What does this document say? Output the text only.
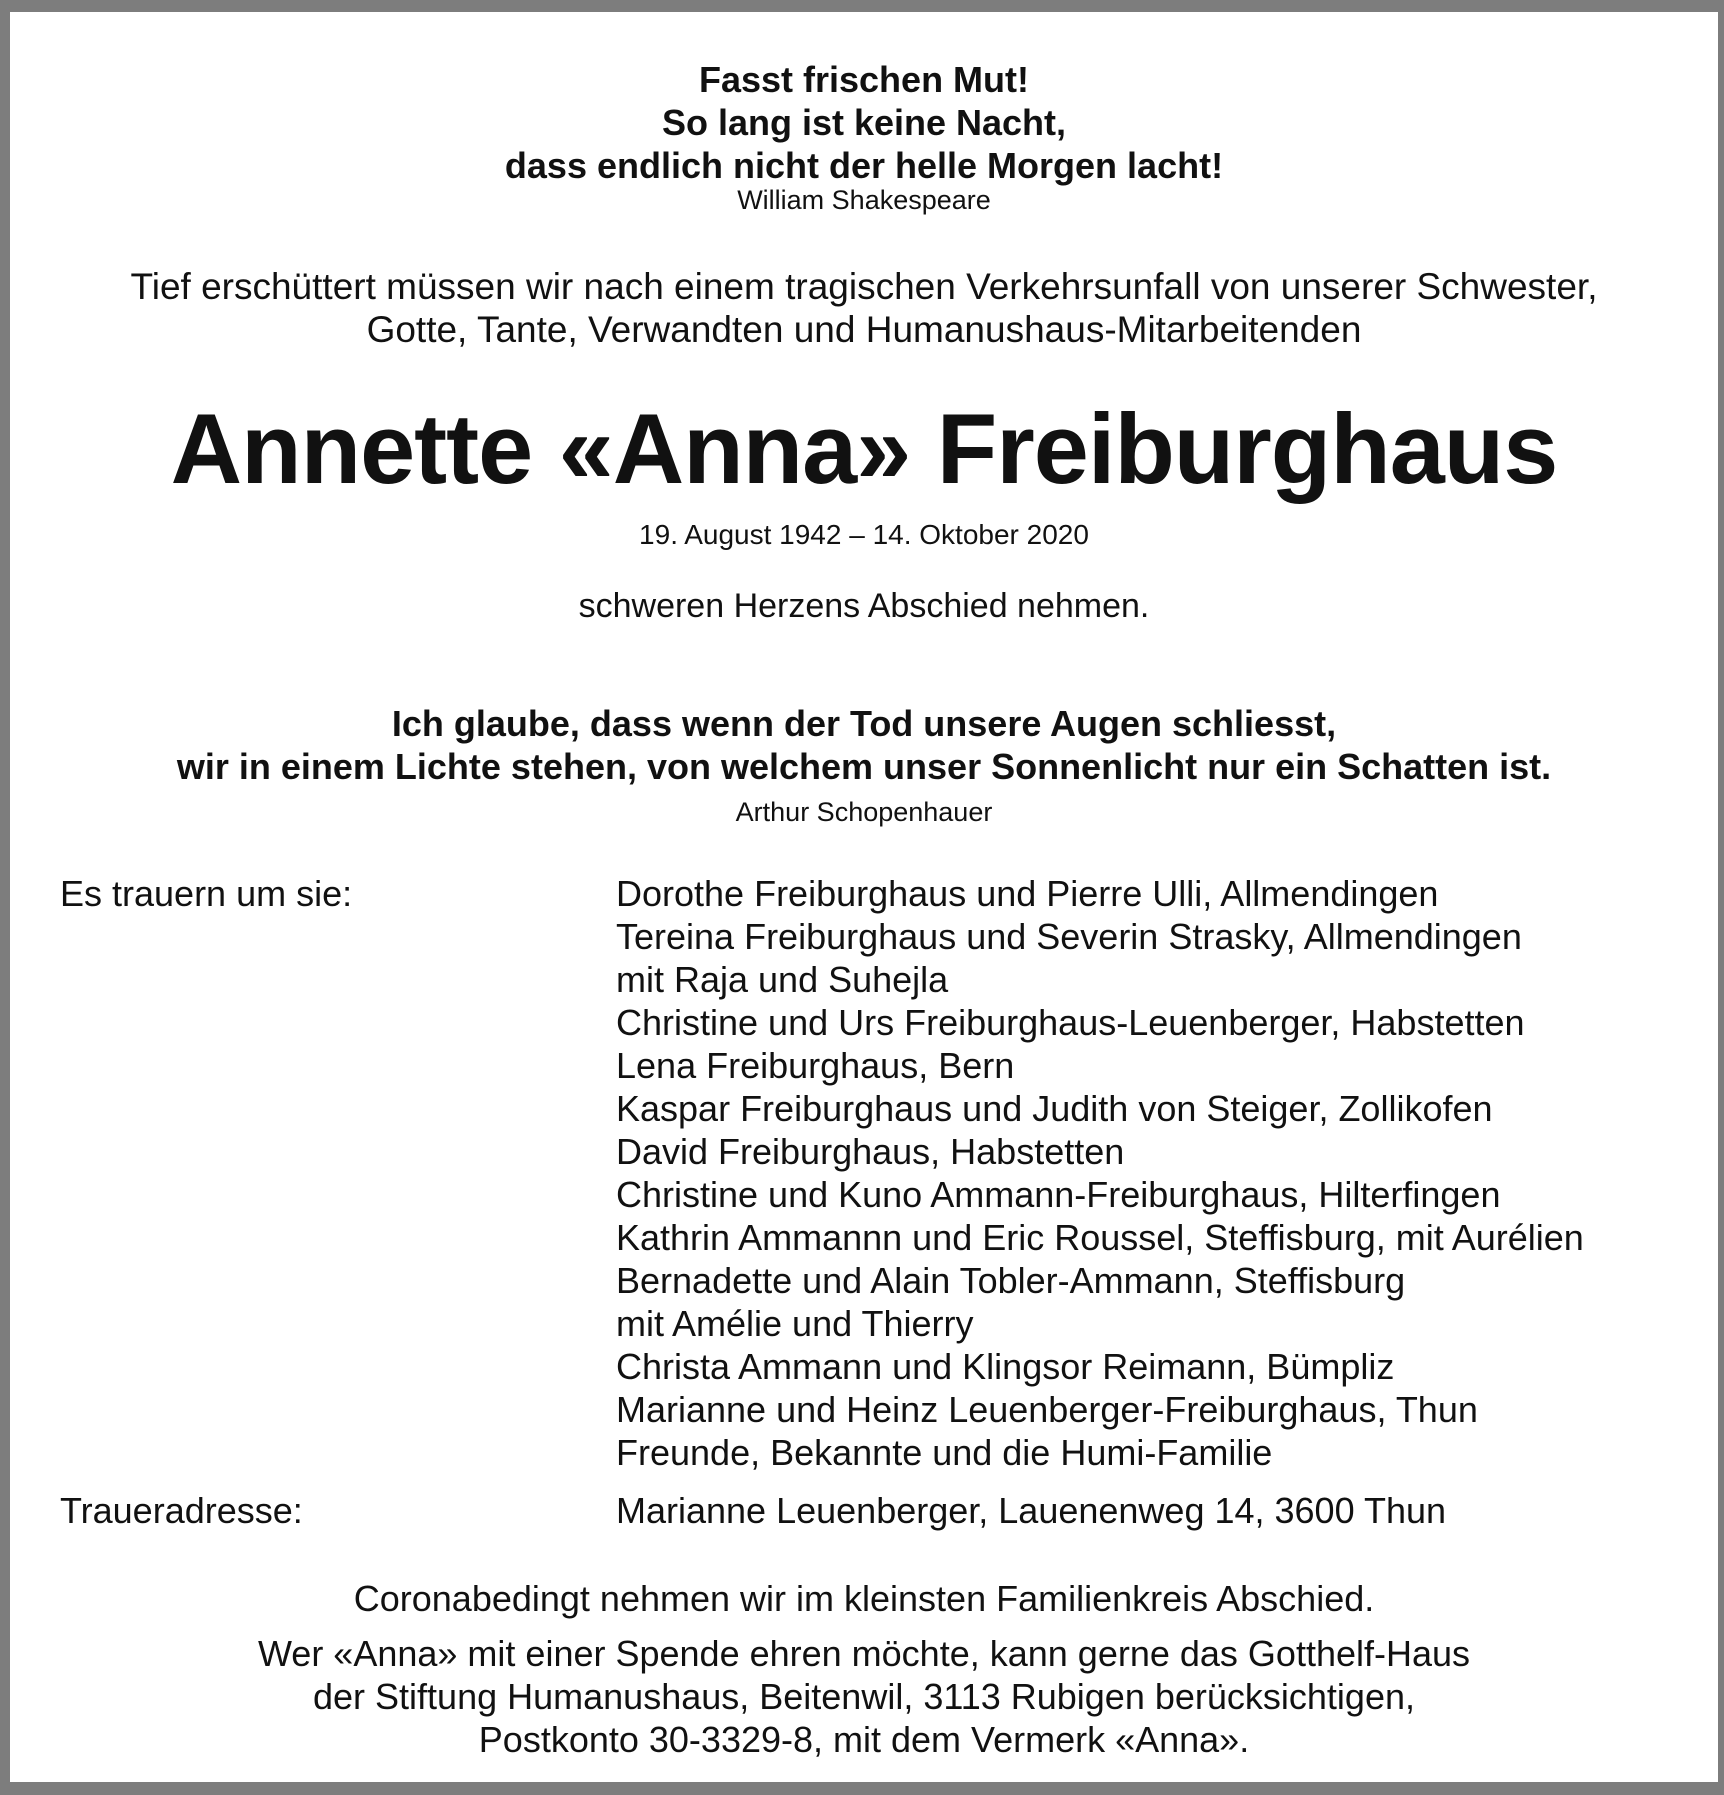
Fasst frischen Mut!
So lang ist keine Nacht,
dass endlich nicht der helle Morgen lacht!
William Shakespeare
Tief erschüttert müssen wir nach einem tragischen Verkehrsunfall von unserer Schwester,
Gotte, Tante, Verwandten und Humanushaus-Mitarbeitenden
Annette «Anna» Freiburghaus
19. August 1942 – 14. Oktober 2020
schweren Herzens Abschied nehmen.
Ich glaube, dass wenn der Tod unsere Augen schliesst,
wir in einem Lichte stehen, von welchem unser Sonnenlicht nur ein Schatten ist.
Arthur Schopenhauer
Es trauern um sie:	Dorothe Freiburghaus und Pierre Ulli, Allmendingen
Tereina Freiburghaus und Severin Strasky, Allmendingen
mit Raja und Suhejla
Christine und Urs Freiburghaus-Leuenberger, Habstetten
Lena Freiburghaus, Bern
Kaspar Freiburghaus und Judith von Steiger, Zollikofen
David Freiburghaus, Habstetten
Christine und Kuno Ammann-Freiburghaus, Hilterfingen
Kathrin Ammannn und Eric Roussel, Steffisburg, mit Aurélien
Bernadette und Alain Tobler-Ammann, Steffisburg
mit Amélie und Thierry
Christa Ammann und Klingsor Reimann, Bümpliz
Marianne und Heinz Leuenberger-Freiburghaus, Thun
Freunde, Bekannte und die Humi-Familie
Traueradresse:	Marianne Leuenberger, Lauenenweg 14, 3600 Thun
Coronabedingt nehmen wir im kleinsten Familienkreis Abschied.
Wer «Anna» mit einer Spende ehren möchte, kann gerne das Gotthelf-Haus
der Stiftung Humanushaus, Beitenwil, 3113 Rubigen berücksichtigen,
Postkonto 30-3329-8, mit dem Vermerk «Anna».
